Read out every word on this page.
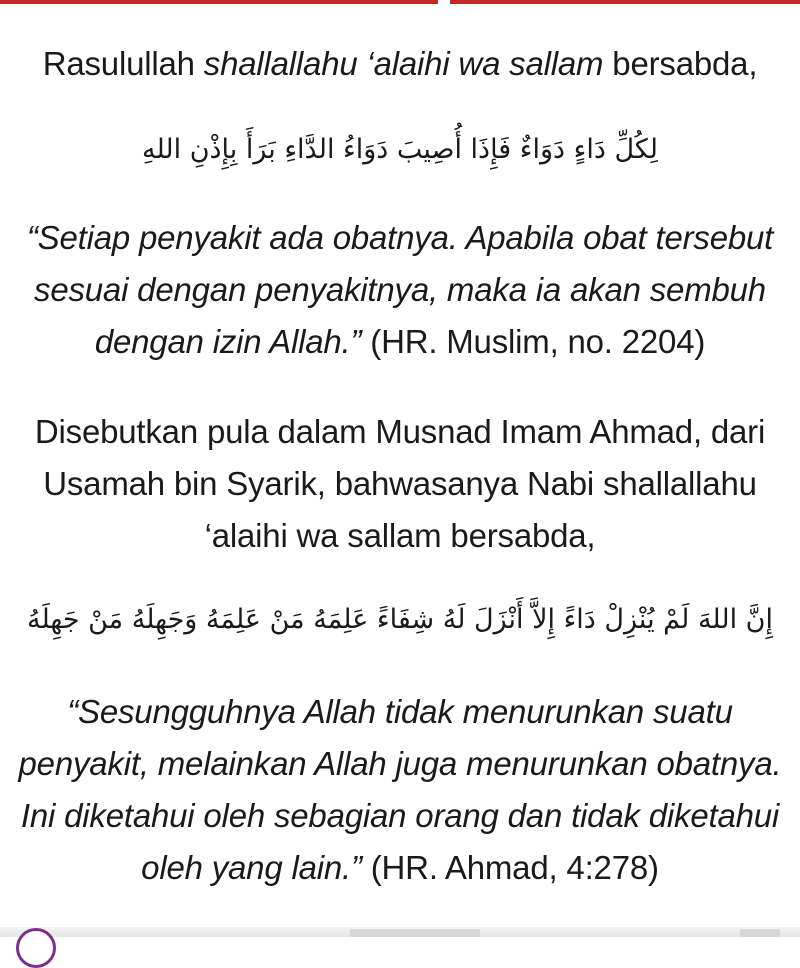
Rasulullah shallallahu ‘alaihi wa sallam bersabda,

لِكُلِّ دَاءٍ دَوَاءٌ فَإِذَا أُصِيبَ دَوَاءُ الدَّاءِ بَرَأَ بِإِذْنِ اللهِ

“Setiap penyakit ada obatnya. Apabila obat tersebut

sesuai dengan penyakitnya, maka ia akan sembuh

dengan izin Allah.” (HR. Muslim, no. 2204)

Disebutkan pula dalam Musnad Imam Ahmad, dari

Usamah bin Syarik, bahwasanya Nabi shallallahu

‘alaihi wa sallam bersabda,

إِنَّ اللهَ لَمْ يُنْزِلْ دَاءً إِلاَّ أَنْزَلَ لَهُ شِفَاءً عَلِمَهُ مَنْ عَلِمَهُ وَجَهِلَهُ مَنْ جَهِلَهُ

“Sesungguhnya Allah tidak menurunkan suatu

penyakit, melainkan Allah juga menurunkan obatnya.

Ini diketahui oleh sebagian orang dan tidak diketahui

oleh yang lain.” (HR. Ahmad, 4:278)
